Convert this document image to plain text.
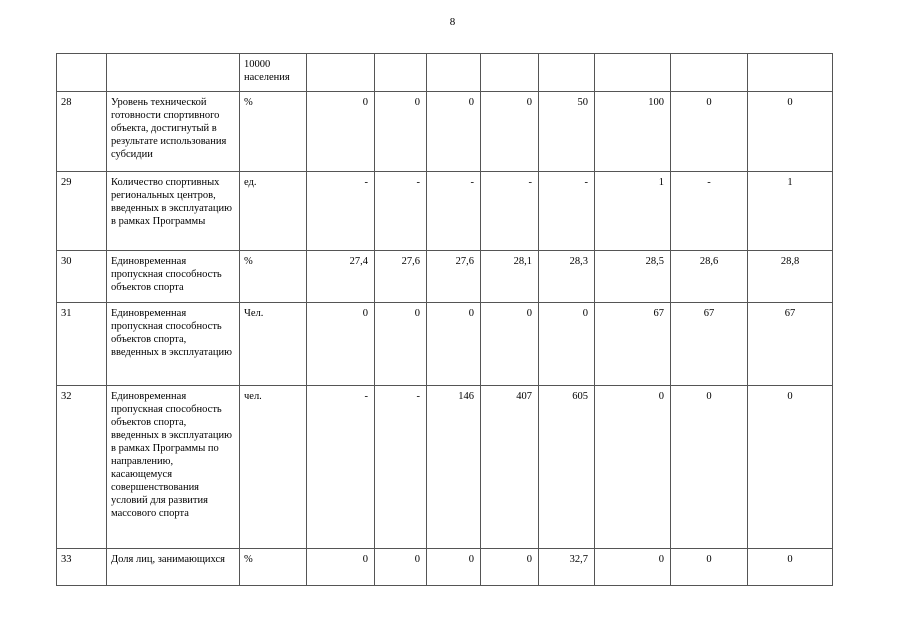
8
		10000 населения								
28	Уровень технической готовности спортивного объекта, достигнутый в результате использования субсидии	%	0	0	0	0	50	100	0	0
29	Количество спортивных региональных центров, введенных в эксплуатацию в рамках Программы	ед.	-	-	-	-	-	1	-	1
30	Единовременная пропускная способность объектов спорта	%	27,4	27,6	27,6	28,1	28,3	28,5	28,6	28,8
31	Единовременная пропускная способность объектов спорта, введенных в эксплуатацию	Чел.	0	0	0	0	0	67	67	67
32	Единовременная пропускная способность объектов спорта, введенных в эксплуатацию в рамках Программы по направлению, касающемуся совершенствования условий для развития массового спорта	чел.	-	-	146	407	605	0	0	0
33	Доля лиц, занимающихся	%	0	0	0	0	32,7	0	0	0
